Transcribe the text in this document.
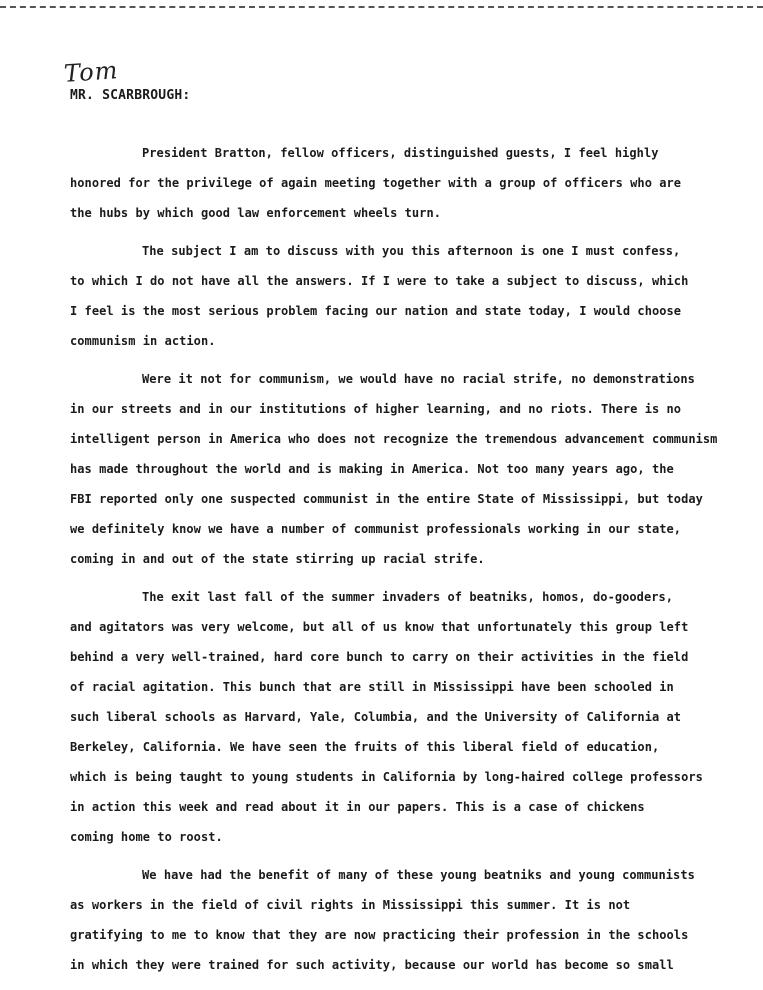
Tom
MR. SCARBROUGH:
President Bratton, fellow officers, distinguished guests, I feel highly
honored for the privilege of again meeting together with a group of officers who are
the hubs by which good law enforcement wheels turn.
The subject I am to discuss with you this afternoon is one I must confess,
to which I do not have all the answers. If I were to take a subject to discuss, which
I feel is the most serious problem facing our nation and state today, I would choose
communism in action.
Were it not for communism, we would have no racial strife, no demonstrations
in our streets and in our institutions of higher learning, and no riots. There is no
intelligent person in America who does not recognize the tremendous advancement communism
has made throughout the world and is making in America. Not too many years ago, the
FBI reported only one suspected communist in the entire State of Mississippi, but today
we definitely know we have a number of communist professionals working in our state,
coming in and out of the state stirring up racial strife.
The exit last fall of the summer invaders of beatniks, homos, do-gooders,
and agitators was very welcome, but all of us know that unfortunately this group left
behind a very well-trained, hard core bunch to carry on their activities in the field
of racial agitation. This bunch that are still in Mississippi have been schooled in
such liberal schools as Harvard, Yale, Columbia, and the University of California at
Berkeley, California. We have seen the fruits of this liberal field of education,
which is being taught to young students in California by long-haired college professors
in action this week and read about it in our papers. This is a case of chickens
coming home to roost.
We have had the benefit of many of these young beatniks and young communists
as workers in the field of civil rights in Mississippi this summer. It is not
gratifying to me to know that they are now practicing their profession in the schools
in which they were trained for such activity, because our world has become so small
